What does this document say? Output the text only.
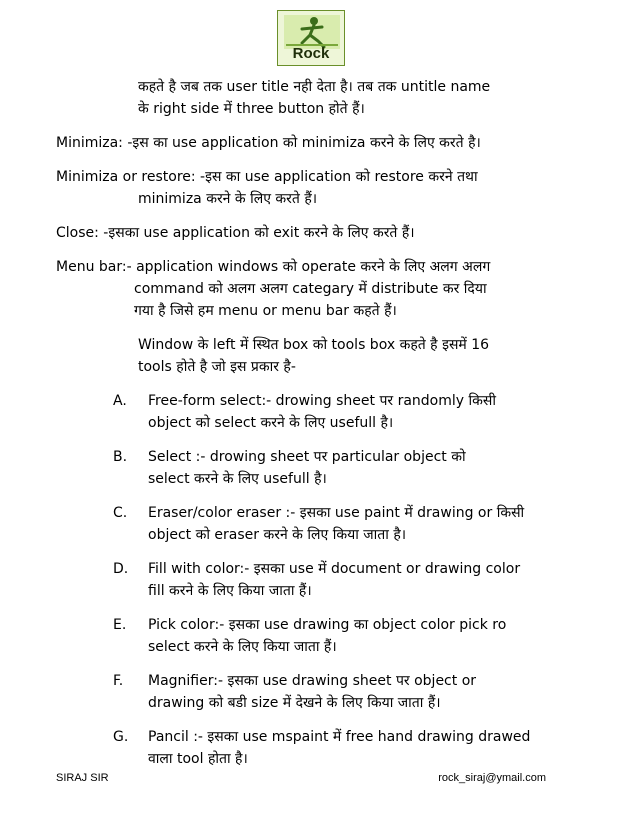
Rock
कहते है जब तक user title नही देता है। तब तक untitle name
के right side में three button होते हैं।
Minimiza: -इस का use application को minimiza करने के लिए करते है।
Minimiza or restore: -इस का use application को restore करने तथा
minimiza करने के लिए करते हैं।
Close: -इसका use application को exit करने के लिए करते हैं।
Menu bar:- application windows को operate करने के लिए अलग अलग
command को अलग अलग categary में distribute कर दिया
गया है जिसे हम menu or menu bar कहते हैं।
Window के left में स्थित box को tools box कहते है इसमें 16
tools होते है जो इस प्रकार है-
A. Free-form select:- drowing sheet पर randomly किसी
object को select करने के लिए usefull है।
B. Select :- drowing sheet पर particular object को
select करने के लिए usefull है।
C. Eraser/color eraser :- इसका use paint में drawing or किसी
object को eraser करने के लिए किया जाता है।
D. Fill with color:- इसका use में document or drawing color
fill करने के लिए किया जाता हैं।
E. Pick color:- इसका use drawing का object color pick ro
select करने के लिए किया जाता हैं।
F. Magnifier:- इसका use drawing sheet पर object or
drawing को बडी size में देखने के लिए किया जाता हैं।
G. Pancil :- इसका use mspaint में free hand drawing drawed
वाला tool होता है।
SIRAJ SIR	rock_siraj@ymail.com
